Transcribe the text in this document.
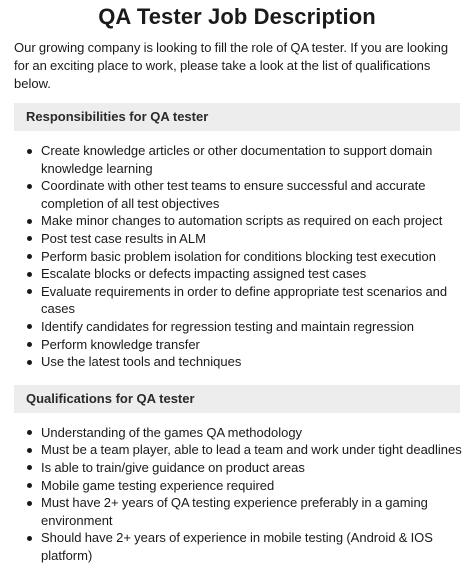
QA Tester Job Description

Our growing company is looking to fill the role of QA tester. If you are looking for an exciting place to work, please take a look at the list of qualifications below.

Responsibilities for QA tester
Create knowledge articles or other documentation to support domain knowledge learning
Coordinate with other test teams to ensure successful and accurate completion of all test objectives
Make minor changes to automation scripts as required on each project
Post test case results in ALM
Perform basic problem isolation for conditions blocking test execution
Escalate blocks or defects impacting assigned test cases
Evaluate requirements in order to define appropriate test scenarios and cases
Identify candidates for regression testing and maintain regression
Perform knowledge transfer
Use the latest tools and techniques
Qualifications for QA tester
Understanding of the games QA methodology
Must be a team player, able to lead a team and work under tight deadlines
Is able to train/give guidance on product areas
Mobile game testing experience required
Must have 2+ years of QA testing experience preferably in a gaming environment
Should have 2+ years of experience in mobile testing (Android & IOS platform)
